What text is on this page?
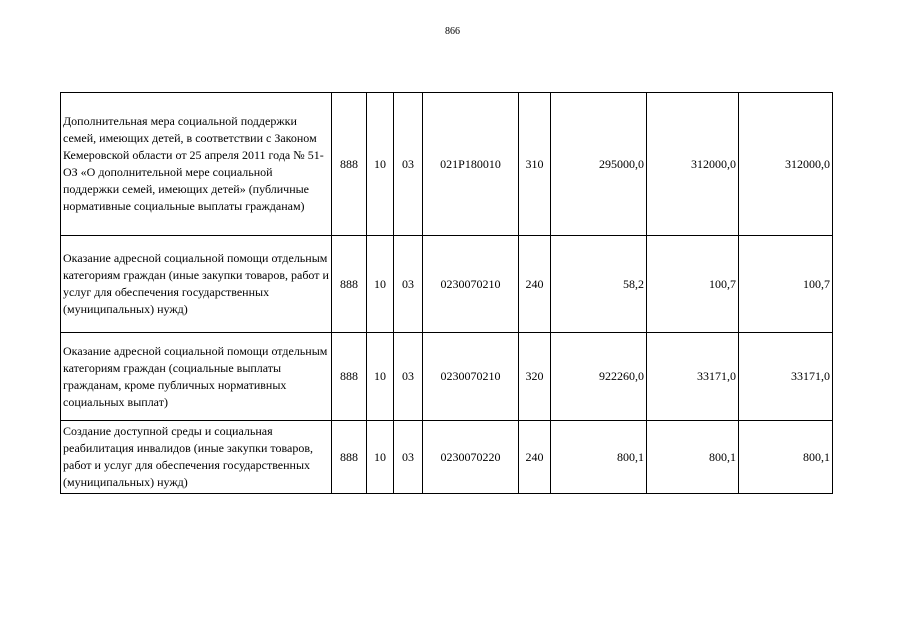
866
Дополнительная мера социальной поддержки семей, имеющих детей, в соответствии с Законом Кемеровской области от 25 апреля 2011 года № 51-ОЗ «О дополнительной мере социальной поддержки семей, имеющих детей» (публичные нормативные социальные выплаты гражданам)	888	10	03	021P180010	310	295000,0	312000,0	312000,0
Оказание адресной социальной помощи отдельным категориям граждан (иные закупки товаров, работ и услуг для обеспечения государственных (муниципальных) нужд)	888	10	03	0230070210	240	58,2	100,7	100,7
Оказание адресной социальной помощи отдельным категориям граждан (социальные выплаты гражданам, кроме публичных нормативных социальных выплат)	888	10	03	0230070210	320	922260,0	33171,0	33171,0
Создание доступной среды и социальная реабилитация инвалидов (иные закупки товаров, работ и услуг для обеспечения государственных (муниципальных) нужд)	888	10	03	0230070220	240	800,1	800,1	800,1
